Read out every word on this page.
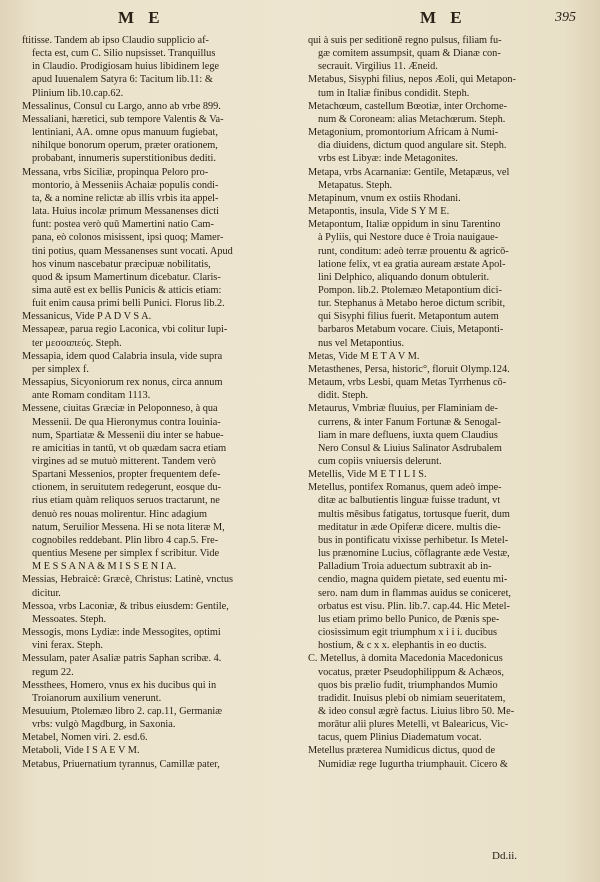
M E	M E	395
ftitisse. Tandem ab ipso Claudio supplicio af-
fecta est, cum C. Silio nupsisset. Tranquillus
in Claudio. Prodigiosam huius libidinem lege
apud Iuuenalem Satyra 6: Tacitum lib.11: &
Plinium lib.10.cap.62.
Messalinus, Consul cu Largo, anno ab vrbe 899.
Messaliani, hæretici, sub tempore Valentis & Va-
lentiniani, AA. omne opus manuum fugiebat,
nihilque bonorum operum, præter orationem,
probabant, innumeris superstitionibus dediti.
Messana, vrbs Siciliæ, propinqua Peloro pro-
montorio, à Messeniis Achaiæ populis condi-
ta, & a nomine relictæ ab illis vrbis ita appel-
lata. Huius incolæ primum Messanenses dicti
funt: postea verò quū Mamertini natio Cam-
pana, eò colonos misissent, ipsi quoq; Mamer-
tini potius, quam Messanenses sunt vocati. Apud
hos vinum nascebatur præcipuæ nobilitatis,
quod & ipsum Mamertinum dicebatur. Claris-
sima autē est ex bellis Punicis & atticis etiam:
fuit enim causa primi belli Punici. Florus lib.2.
Messanicus, Vide P A D V S A.
Messapeæ, parua regio Laconica, vbi colitur Iupi-
ter μεσσαπεύς. Steph.
Messapia, idem quod Calabria insula, vide supra
per simplex f.
Messapius, Sicyoniorum rex nonus, circa annum
ante Romam conditam 1113.
Messene, ciuitas Græciæ in Peloponneso, à qua
Messenii. De qua Hieronymus contra Iouinia-
num, Spartiatæ & Messenii diu inter se habue-
re amicitias in tantū, vt ob quædam sacra etiam
virgines ad se mutuò mitterent. Tandem verò
Spartani Messenios, propter frequentem defe-
ctionem, in seruitutem redegerunt, eosque du-
rius etiam quàm reliquos seruos tractarunt, ne
denuò res nouas molirentur. Hinc adagium
natum, Seruilior Messena. Hi se nota literæ M,
cognobiles reddebant. Plin libro 4 cap.5. Fre-
quentius Mesene per simplex f scribitur. Vide
M E S S A N A & M I S S E N I A.
Messias, Hebraicè: Græcè, Christus: Latinè, vnctus
dicitur.
Messoa, vrbs Laconiæ, & tribus eiusdem: Gentile,
Messoates. Steph.
Messogis, mons Lydiæ: inde Messogites, optimi
vini ferax. Steph.
Messulam, pater Asaliæ patris Saphan scribæ. 4.
regum 22.
Messthees, Homero, vnus ex his ducibus qui in
Troianorum auxilium venerunt.
Mesuuium, Ptolemæo libro 2. cap.11, Germaniæ
vrbs: vulgò Magdburg, in Saxonia.
Metabel, Nomen viri. 2. esd.6.
Metaboli, Vide I S A E V M.
Metabus, Priuernatium tyrannus, Camillæ pater,
qui à suis per seditionē regno pulsus, filiam fu-
gæ comitem assumpsit, quam & Dianæ con-
secrauit. Virgilius 11. Æneid.
Metabus, Sisyphi filius, nepos Æoli, qui Metapon-
tum in Italiæ finibus condidit. Steph.
Metachœum, castellum Bœotiæ, inter Orchome-
num & Coroneam: alias Metachœrum. Steph.
Metagonium, promontorium Africam à Numi-
dia diuidens, dictum quod angulare sit. Steph.
vrbs est Libyæ: inde Metagonites.
Metapa, vrbs Acarnaniæ: Gentile, Metapæus, vel
Metapatus. Steph.
Metapinum, vnum ex ostiis Rhodani.
Metapontis, insula, Vide S Y M E.
Metapontum, Italiæ oppidum in sinu Tarentino
à Pyliis, qui Nestore duce è Troia nauigaue-
runt, conditum: adeò terræ prouentu & agricō-
latione felix, vt ea gratia auream æstate Apol-
lini Delphico, aliquando donum obtulerit.
Pompon. lib.2. Ptolemæo Metapontium dici-
tur. Stephanus à Metabo heroe dictum scribit,
qui Sisyphi filius fuerit. Metapontum autem
barbaros Metabum vocare. Ciuis, Metaponti-
nus vel Metapontius.
Metas, Vide M E T A V M.
Metasthenes, Persa, historic°, floruit Olymp.124.
Metaum, vrbs Lesbi, quam Metas Tyrrhenus cō-
didit. Steph.
Metaurus, Vmbriæ fluuius, per Flaminiam de-
currens, & inter Fanum Fortunæ & Senogal-
liam in mare defluens, iuxta quem Claudius
Nero Consul & Liuius Salinator Asdrubalem
cum copiis vniuersis delerunt.
Metellis, Vide M E T I L I S.
Metellus, pontifex Romanus, quem adeò impe-
ditæ ac balbutientis linguæ fuisse tradunt, vt
multis mēsibus fatigatus, tortusque fuerit, dum
meditatur in æde Opiferæ dicere. multis die-
bus in pontificatu vixisse perhibetur. Is Metel-
lus prænomine Lucius, cōflagrante æde Vestæ,
Palladium Troia aduectum subtraxit ab in-
cendio, magna quidem pietate, sed euentu mi-
sero. nam dum in flammas auidus se coniceret,
orbatus est visu. Plin. lib.7. cap.44. Hic Metel-
lus etiam primo bello Punico, de Pœnis spe-
ciosissimum egit triumphum x i i i. ducibus
hostium, & c x x. elephantis in eo ductis.
C. Metellus, à domita Macedonia Macedonicus
vocatus, præter Pseudophilippum & Achæos,
quos bis prælio fudit, triumphandos Mumio
tradidit. Inuisus plebi ob nimiam seueritatem,
& ideo consul ægrè factus. Liuius libro 50. Me-
morātur alii plures Metelli, vt Balearicus, Vic-
tacus, quem Plinius Diadematum vocat.
Metellus præterea Numidicus dictus, quod de
Numidiæ rege Iugurtha triumphauit. Cicero &
Dd.ii.
